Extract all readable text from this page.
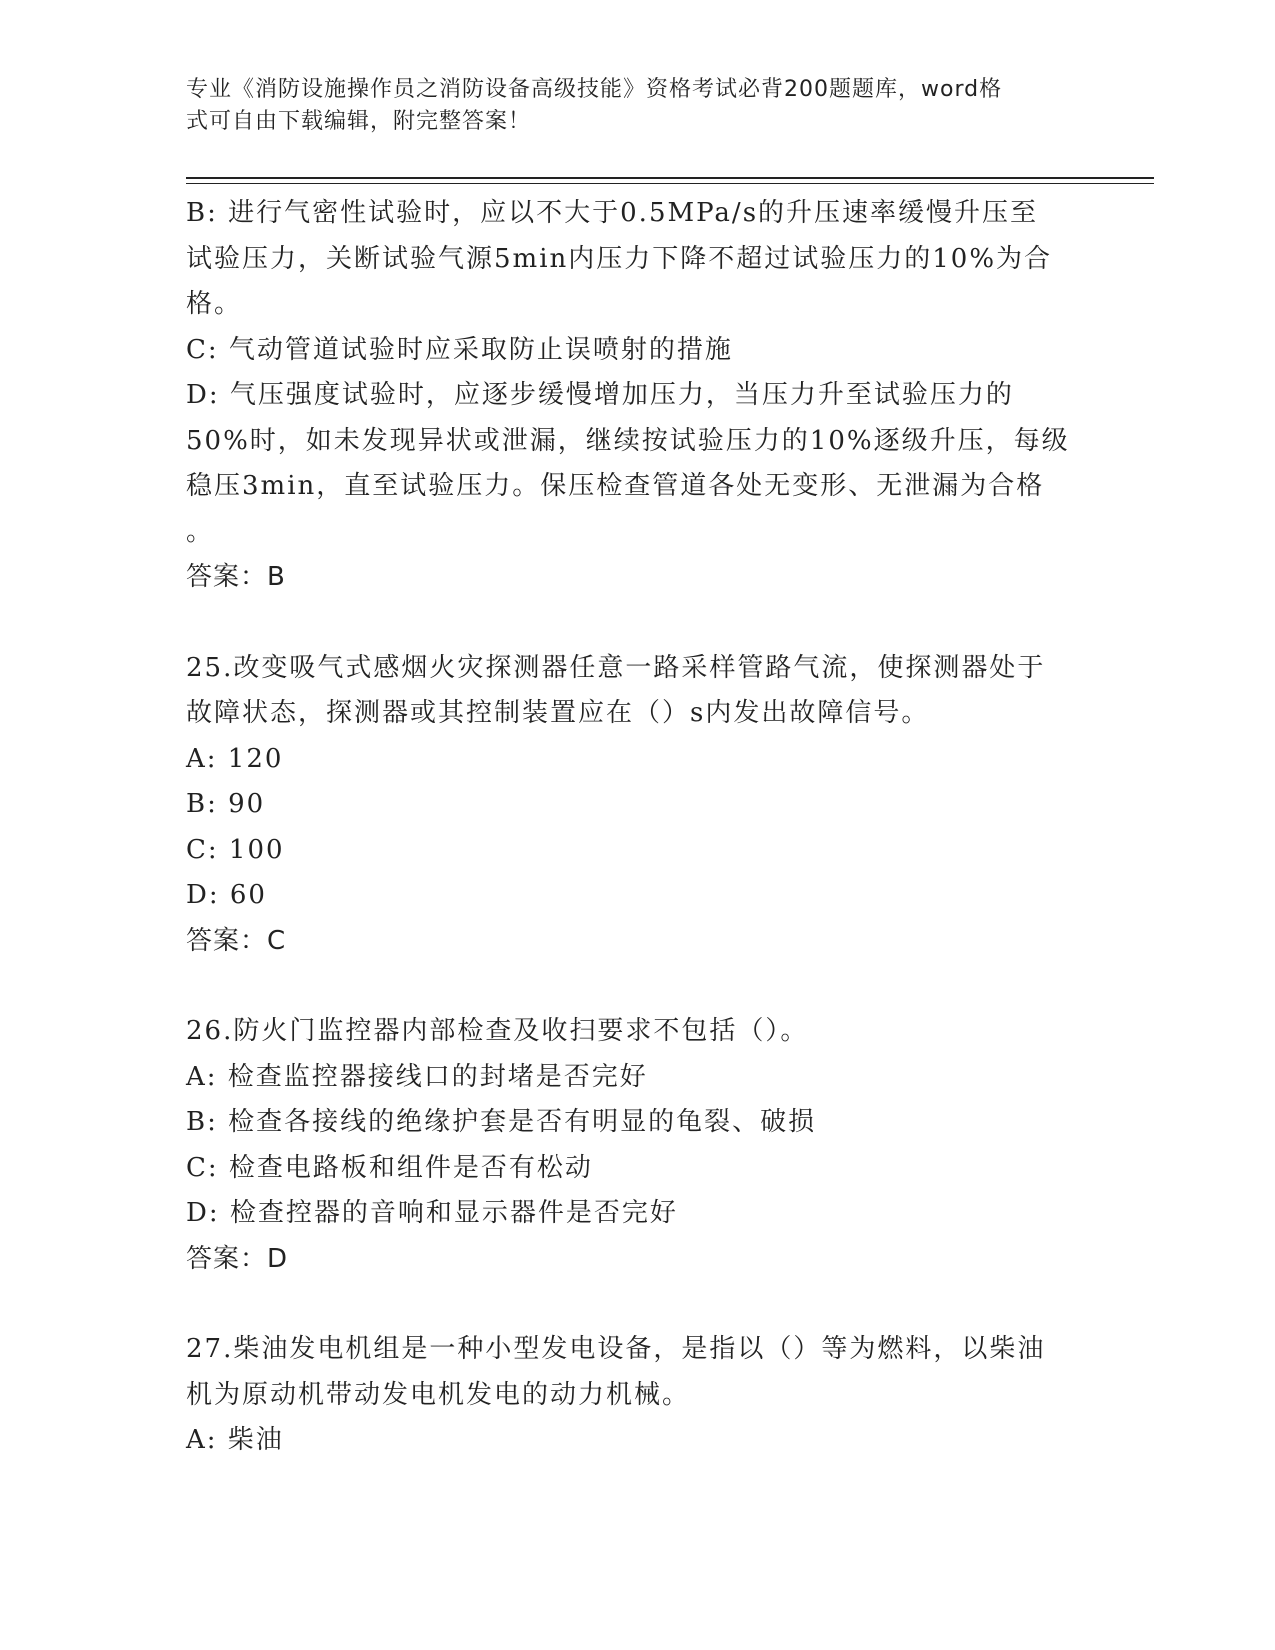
专业《消防设施操作员之消防设备高级技能》资格考试必背200题题库，word格
式可自由下载编辑，附完整答案！
B: 进行气密性试验时，应以不大于0.5MPa/s的升压速率缓慢升压至
试验压力，关断试验气源5min内压力下降不超过试验压力的10%为合
格。
C: 气动管道试验时应采取防止误喷射的措施
D: 气压强度试验时，应逐步缓慢增加压力，当压力升至试验压力的
50%时，如未发现异状或泄漏，继续按试验压力的10%逐级升压，每级
稳压3min，直至试验压力。保压检查管道各处无变形、无泄漏为合格
。
答案：B
25.改变吸气式感烟火灾探测器任意一路采样管路气流，使探测器处于
故障状态，探测器或其控制装置应在（）s内发出故障信号。
A: 120
B: 90
C: 100
D: 60
答案：C
26.防火门监控器内部检查及收扫要求不包括（）。
A: 检查监控器接线口的封堵是否完好
B: 检查各接线的绝缘护套是否有明显的龟裂、破损
C: 检查电路板和组件是否有松动
D: 检查控器的音响和显示器件是否完好
答案：D
27.柴油发电机组是一种小型发电设备，是指以（）等为燃料，以柴油
机为原动机带动发电机发电的动力机械。
A: 柴油
